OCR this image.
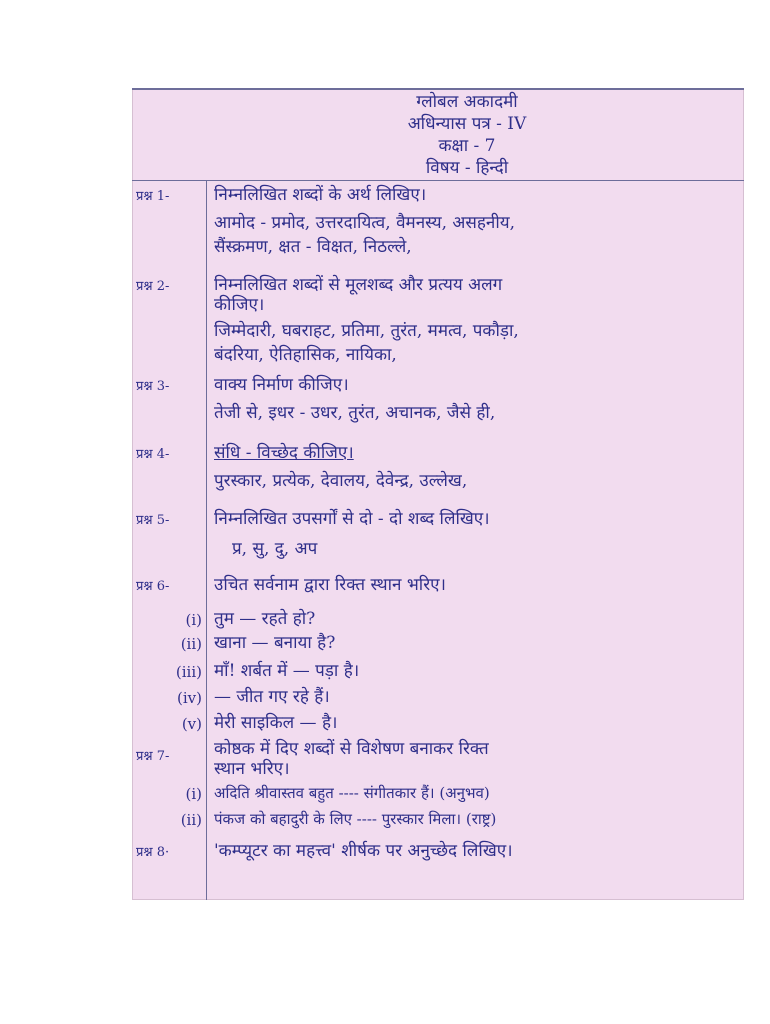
ग्लोबल अकादमी
अधिन्यास पत्र - IV
कक्षा - 7
विषय - हिन्दी
प्रश्न 1-	निम्नलिखित शब्दों के अर्थ लिखिए।
आमोद - प्रमोद, उत्तरदायित्व, वैमनस्य, असहनीय,
सैंस्क्रमण, क्षत - विक्षत, निठल्ले,
प्रश्न 2-	निम्नलिखित शब्दों से मूलशब्द और प्रत्यय अलग
कीजिए।
जिम्मेदारी, घबराहट, प्रतिमा, तुरंत, ममत्व, पकौड़ा,
बंदरिया, ऐतिहासिक, नायिका,
प्रश्न 3-	वाक्य निर्माण कीजिए।
तेजी से, इधर - उधर, तुरंत, अचानक, जैसे ही,
प्रश्न 4-	संधि - विच्छेद कीजिए।
पुरस्कार, प्रत्येक, देवालय, देवेन्द्र, उल्लेख,
प्रश्न 5-	निम्नलिखित उपसर्गों से दो - दो शब्द लिखिए।
प्र, सु, दु, अप
प्रश्न 6-	उचित सर्वनाम द्वारा रिक्त स्थान भरिए।
(i) तुम — रहते हो?
(ii) खाना — बनाया है?
(iii) माँ! शर्बत में — पड़ा है।
(iv) — जीत गए रहे हैं।
(v) मेरी साइकिल — है।
प्रश्न 7-	कोष्ठक में दिए शब्दों से विशेषण बनाकर रिक्त
स्थान भरिए।
(i) अदिति श्रीवास्तव बहुत ---- संगीतकार हैं। (अनुभव)
(ii) पंकज को बहादुरी के लिए ---- पुरस्कार मिला। (राष्ट्र)
प्रश्न 8·	'कम्प्यूटर का महत्त्व' शीर्षक पर अनुच्छेद लिखिए।
